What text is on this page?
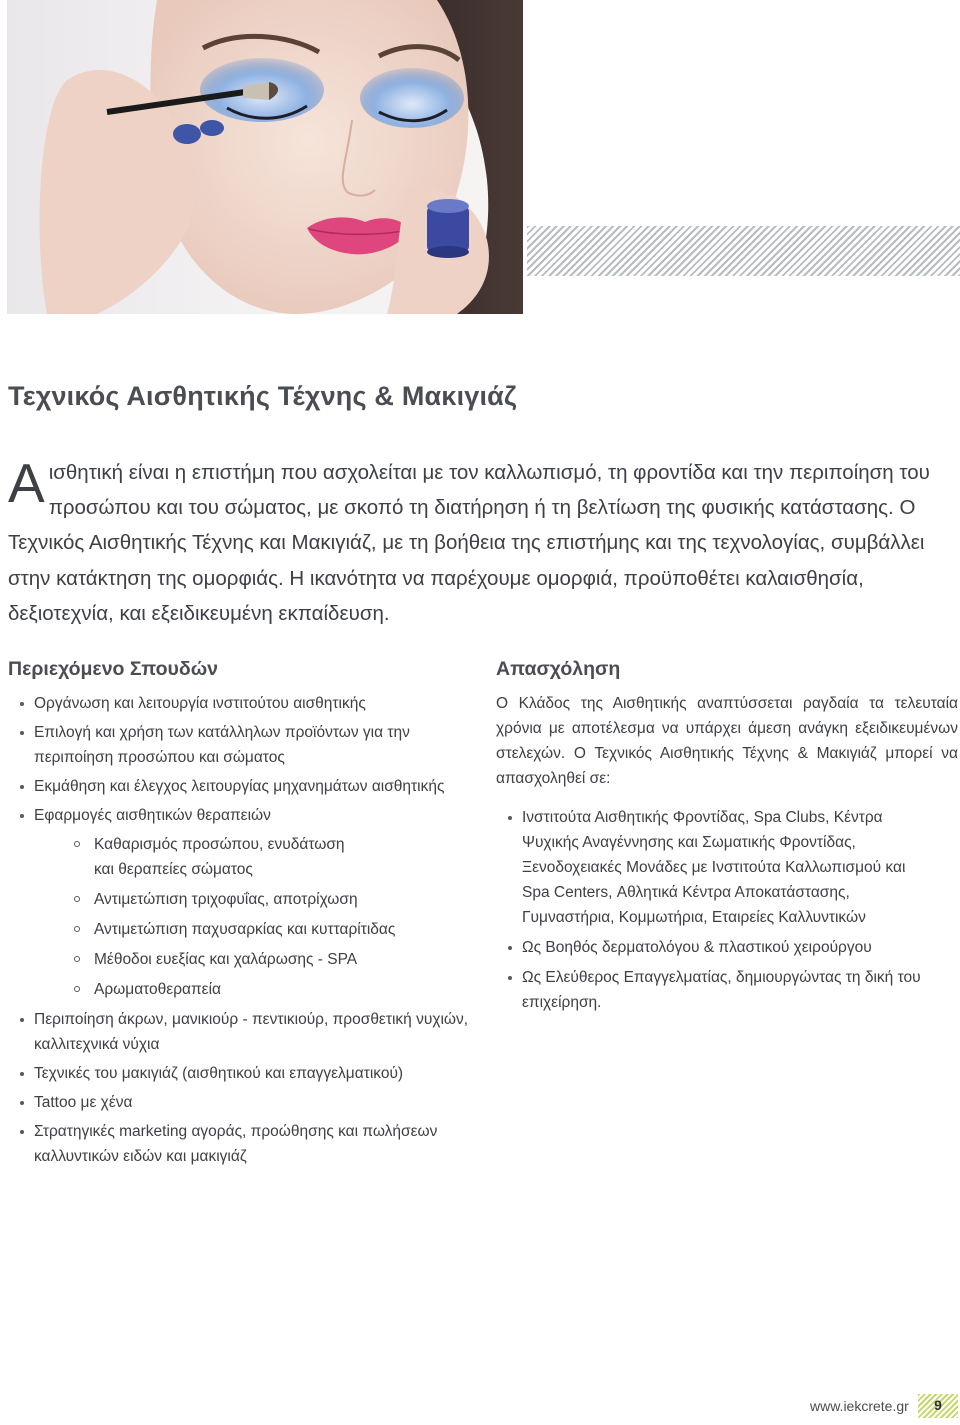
Τεχνικός Αισθητικής Τέχνης & Μακιγιάζ

Αισθητική είναι η επιστήμη που ασχολείται με τον καλλωπισμό, τη φροντίδα και την περιποίηση του προσώπου και του σώματος, με σκοπό τη διατήρηση ή τη βελτίωση της φυσικής κατάστασης. Ο Τεχνικός Αισθητικής Τέχνης και Μακιγιάζ, με τη βοήθεια της επιστήμης και της τεχνολογίας, συμβάλλει στην κατάκτηση της ομορφιάς. Η ικανότητα να παρέχουμε ομορφιά, προϋποθέτει καλαισθησία, δεξιοτεχνία, και εξειδικευμένη εκπαίδευση.

Περιεχόμενο Σπουδών
Οργάνωση και λειτουργία ινστιτούτου αισθητικής
Επιλογή και χρήση των κατάλληλων προϊόντων για την περιποίηση προσώπου και σώματος
Εκμάθηση και έλεγχος λειτουργίας μηχανημάτων αισθητικής
Εφαρμογές αισθητικών θεραπειών
Καθαρισμός προσώπου, ενυδάτωση και θεραπείες σώματος
Αντιμετώπιση τριχοφυΐας, αποτρίχωση
Αντιμετώπιση παχυσαρκίας και κυτταρίτιδας
Μέθοδοι ευεξίας και χαλάρωσης - SPA
Αρωματοθεραπεία
Περιποίηση άκρων, μανικιούρ - πεντικιούρ, προσθετική νυχιών, καλλιτεχνικά νύχια
Τεχνικές του μακιγιάζ (αισθητικού και επαγγελματικού)
Tattoo με χένα
Στρατηγικές marketing αγοράς, προώθησης και πωλήσεων καλλυντικών ειδών και μακιγιάζ
Απασχόληση

Ο Κλάδος της Αισθητικής αναπτύσσεται ραγδαία τα τελευταία χρόνια με αποτέλεσμα να υπάρχει άμεση ανάγκη εξειδικευμένων στελεχών. Ο Τεχνικός Αισθητικής Τέχνης & Μακιγιάζ μπορεί να απασχοληθεί σε:

Ινστιτούτα Αισθητικής Φροντίδας, Spa Clubs, Κέντρα Ψυχικής Αναγέννησης και Σωματικής Φροντίδας, Ξενοδοχειακές Μονάδες με Ινστιτούτα Καλλωπισμού και Spa Centers, Αθλητικά Κέντρα Αποκατάστασης, Γυμναστήρια, Κομμωτήρια, Εταιρείες Καλλυντικών
Ως Βοηθός δερματολόγου & πλαστικού χειρούργου
Ως Ελεύθερος Επαγγελματίας, δημιουργώντας τη δική του επιχείρηση.
www.iekcrete.gr	9
